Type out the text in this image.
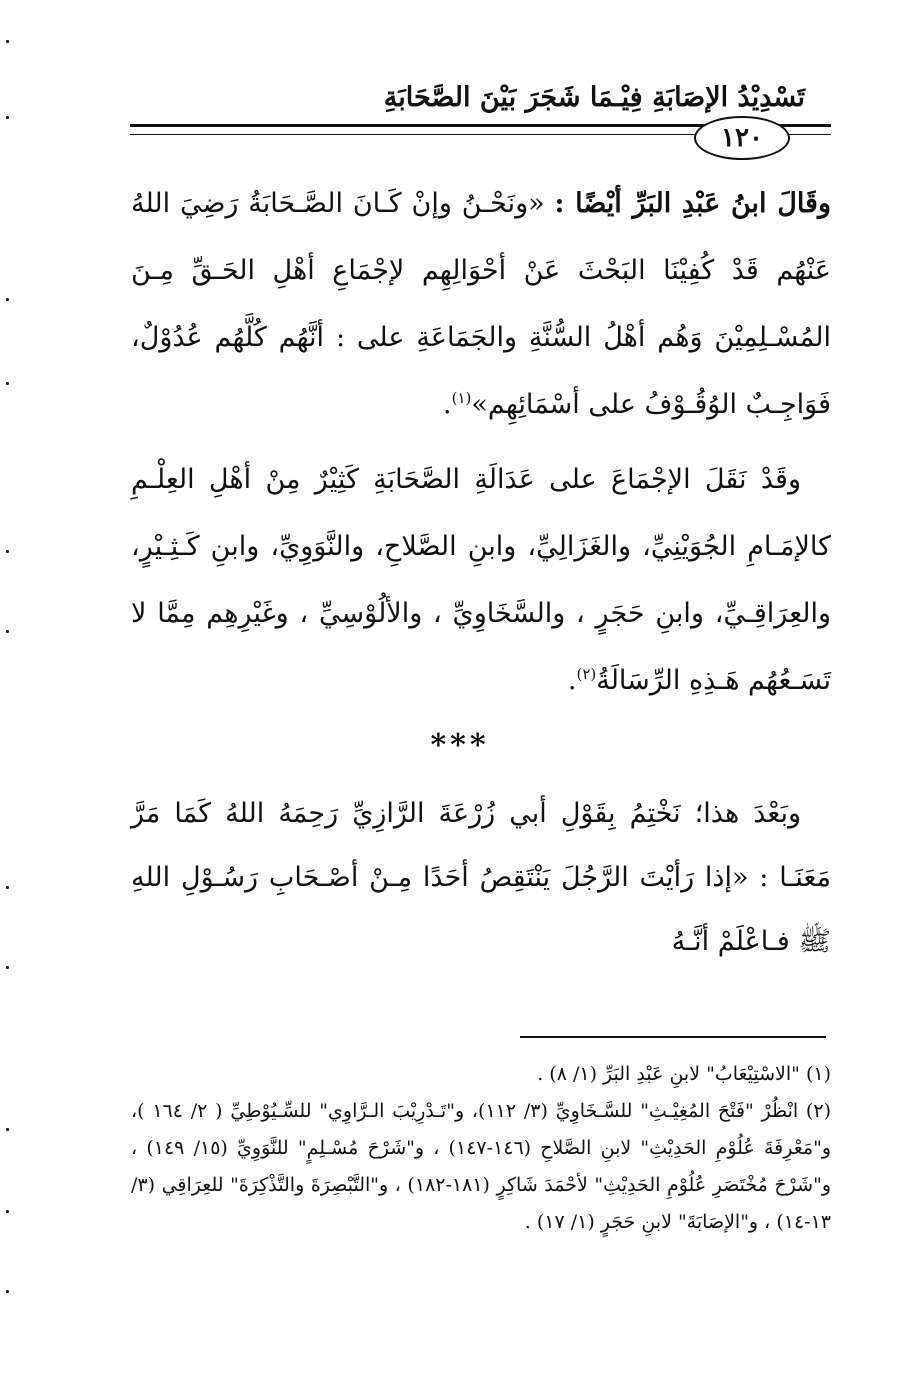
تَسْدِيْدُ الإصَابَةِ فِيْـمَا شَجَرَ بَيْنَ الصَّحَابَةِ
١٢٠

وقَالَ ابنُ عَبْدِ البَرِّ أيْضًا : «ونَحْـنُ وإنْ كَـانَ الصَّـحَابَةُ رَضِيَ اللهُ عَنْهُم قَدْ كُفِيْنَا البَحْثَ عَنْ أحْوَالِهِم لإجْمَاعِ أهْلِ الحَـقِّ مِـنَ المُسْـلِمِيْنَ وَهُم أهْلُ السُّنَّةِ والجَمَاعَةِ على : أنَّهُم كُلَّهُم عُدُوْلٌ، فَوَاجِـبٌ الوُقُـوْفُ على أسْمَائِهِم»$^{(١)}$.

وقَدْ نَقَلَ الإجْمَاعَ على عَدَالَةِ الصَّحَابَةِ كَثِيْرٌ مِنْ أهْلِ العِلْـمِ كالإمَـامِ الجُوَيْنِيِّ، والغَزَالِيِّ، وابنِ الصَّلاحِ، والنَّوَوِيِّ، وابنِ كَـثِـيْرٍ، والعِرَاقِـيِّ، وابنِ حَجَرٍ ، والسَّخَاوِيِّ ، والألُوْسِيِّ ، وغَيْرِهِم مِمَّا لا تَسَـعُهُم هَـذِهِ الرِّسَالَةُ$^{(٢)}$.

***

وبَعْدَ هذا؛ نَخْتِمُ بِقَوْلِ أبي زُرْعَةَ الرَّازِيِّ رَحِمَهُ اللهُ كَمَا مَرَّ مَعَنَـا : «إذا رَأيْتَ الرَّجُلَ يَنْتَقِصُ أحَدًا مِـنْ أصْـحَابِ رَسُـوْلِ اللهِ ﷺ فـاعْلَمْ أنَّـهُ

(١) "الاسْتِيْعَابُ" لابنِ عَبْدِ البَرِّ (١/ ٨) .

(٢) انْظُرْ "فَتْحَ المُغِيْـثِ" للسَّـخَاوِيِّ (٣/ ١١٢)، و"تَـدْرِيْبَ الـرَّاوِي" للسِّـيُوْطِيِّ ( ٢/ ١٦٤ )، و"مَعْرِفَةَ عُلُوْمِ الحَدِيْثِ" لابنِ الصَّلاحِ (١٤٦-١٤٧) ، و"شَرْحَ مُسْـلِمٍ" للنَّوَوِيِّ (١٥/ ١٤٩) ، و"شَرْحَ مُخْتَصَرِ عُلُوْمِ الحَدِيْثِ" لأحْمَدَ شَاكِرٍ (١٨١-١٨٢) ، و"التَّبْصِرَةَ والتَّذْكِرَةَ" للعِرَاقِي (٣/ ١٣-١٤) ، و"الإصَابَةَ" لابنِ حَجَرٍ (١/ ١٧) .
